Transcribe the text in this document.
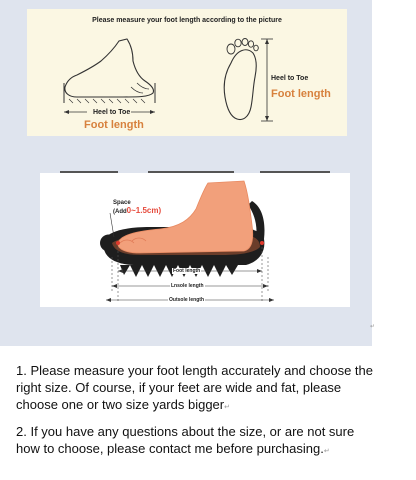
Please measure your foot length according to the picture
Heel to Toe
Foot length
Heel to Toe
Foot length
Space
(Add0~1.5cm)
Foot length
Lnsole length
Outsole length
↵

1. Please measure your foot length accurately and choose the right size. Of course, if your feet are wide and fat, please choose one or two size yards bigger↵

2. If you have any questions about the size, or are not sure how to choose, please contact me before purchasing.↵
